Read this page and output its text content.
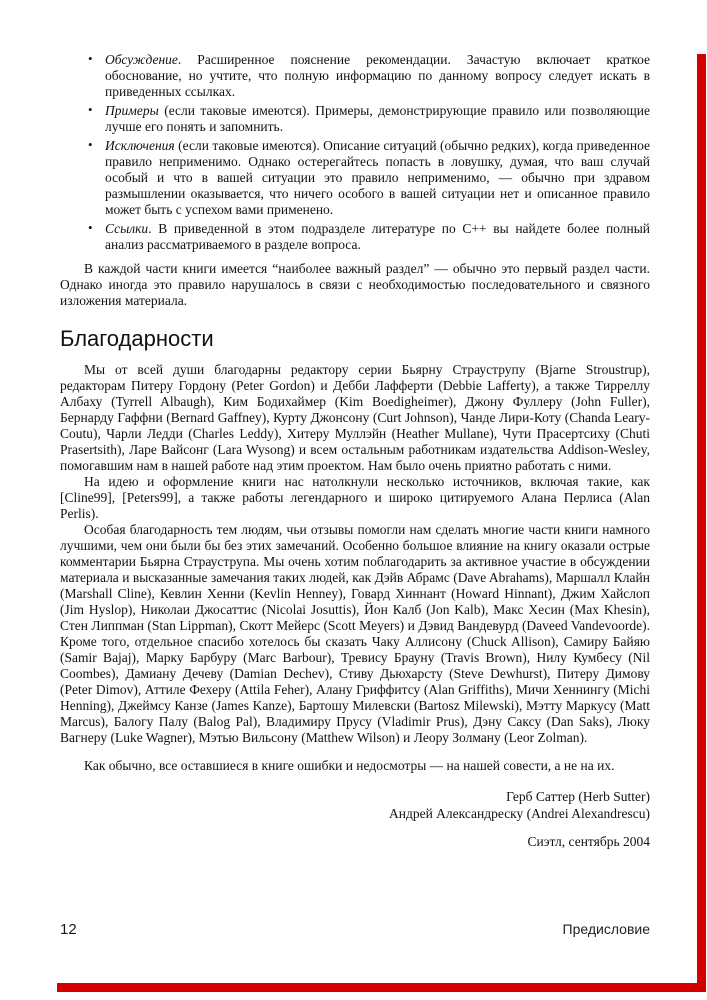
• Обсуждение. Расширенное пояснение рекомендации. Зачастую включает краткое обоснование, но учтите, что полную информацию по данному вопросу следует искать в приведенных ссылках.
• Примеры (если таковые имеются). Примеры, демонстрирующие правило или позволяющие лучше его понять и запомнить.
• Исключения (если таковые имеются). Описание ситуаций (обычно редких), когда приведенное правило неприменимо. Однако остерегайтесь попасть в ловушку, думая, что ваш случай особый и что в вашей ситуации это правило неприменимо, — обычно при здравом размышлении оказывается, что ничего особого в вашей ситуации нет и описанное правило может быть с успехом вами применено.
• Ссылки. В приведенной в этом подразделе литературе по C++ вы найдете более полный анализ рассматриваемого в разделе вопроса.

В каждой части книги имеется “наиболее важный раздел” — обычно это первый раздел части. Однако иногда это правило нарушалось в связи с необходимостью последовательного и связного изложения материала.

Благодарности

Мы от всей души благодарны редактору серии Бьярну Страуструпу (Bjarne Stroustrup), редакторам Питеру Гордону (Peter Gordon) и Дебби Лафферти (Debbie Lafferty), а также Тирреллу Албаху (Tyrrell Albaugh), Ким Бодихаймер (Kim Boedigheimer), Джону Фуллеру (John Fuller), Бернарду Гаффни (Bernard Gaffney), Курту Джонсону (Curt Johnson), Чанде Лири-Коту (Chanda Leary-Coutu), Чарли Ледди (Charles Leddy), Хитеру Муллэйн (Heather Mullane), Чути Прасертсиху (Chuti Prasertsith), Ларе Вайсонг (Lara Wysong) и всем остальным работникам издательства Addison-Wesley, помогавшим нам в нашей работе над этим проектом. Нам было очень приятно работать с ними.

На идею и оформление книги нас натолкнули несколько источников, включая такие, как [Cline99], [Peters99], а также работы легендарного и широко цитируемого Алана Перлиса (Alan Perlis).

Особая благодарность тем людям, чьи отзывы помогли нам сделать многие части книги намного лучшими, чем они были бы без этих замечаний. Особенно большое влияние на книгу оказали острые комментарии Бьярна Страуструпа. Мы очень хотим поблагодарить за активное участие в обсуждении материала и высказанные замечания таких людей, как Дэйв Абрамс (Dave Abrahams), Маршалл Клайн (Marshall Cline), Кевлин Хенни (Kevlin Henney), Говард Хиннант (Howard Hinnant), Джим Хайслоп (Jim Hyslop), Николаи Джосаттис (Nicolai Josuttis), Йон Калб (Jon Kalb), Макс Хесин (Max Khesin), Стен Липпман (Stan Lippman), Скотт Мейерс (Scott Meyers) и Дэвид Вандевурд (Daveed Vandevoorde). Кроме того, отдельное спасибо хотелось бы сказать Чаку Аллисону (Chuck Allison), Самиру Байяю (Samir Bajaj), Марку Барбуру (Marc Barbour), Тревису Брауну (Travis Brown), Нилу Кумбесу (Nil Coombes), Дамиану Дечеву (Damian Dechev), Стиву Дьюхарсту (Steve Dewhurst), Питеру Димову (Peter Dimov), Аттиле Фехеру (Attila Feher), Алану Гриффитсу (Alan Griffiths), Мичи Хеннингу (Michi Henning), Джеймсу Канзе (James Kanze), Бартошу Милевски (Bartosz Milewski), Мэтту Маркусу (Matt Marcus), Балогу Палу (Balog Pal), Владимиру Прусу (Vladimir Prus), Дэну Саксу (Dan Saks), Люку Вагнеру (Luke Wagner), Мэтью Вильсону (Matthew Wilson) и Леору Золману (Leor Zolman).

Как обычно, все оставшиеся в книге ошибки и недосмотры — на нашей совести, а не на их.

Герб Саттер (Herb Sutter)
Андрей Александреску (Andrei Alexandrescu)
Сиэтл, сентябрь 2004
12	Предисловие
